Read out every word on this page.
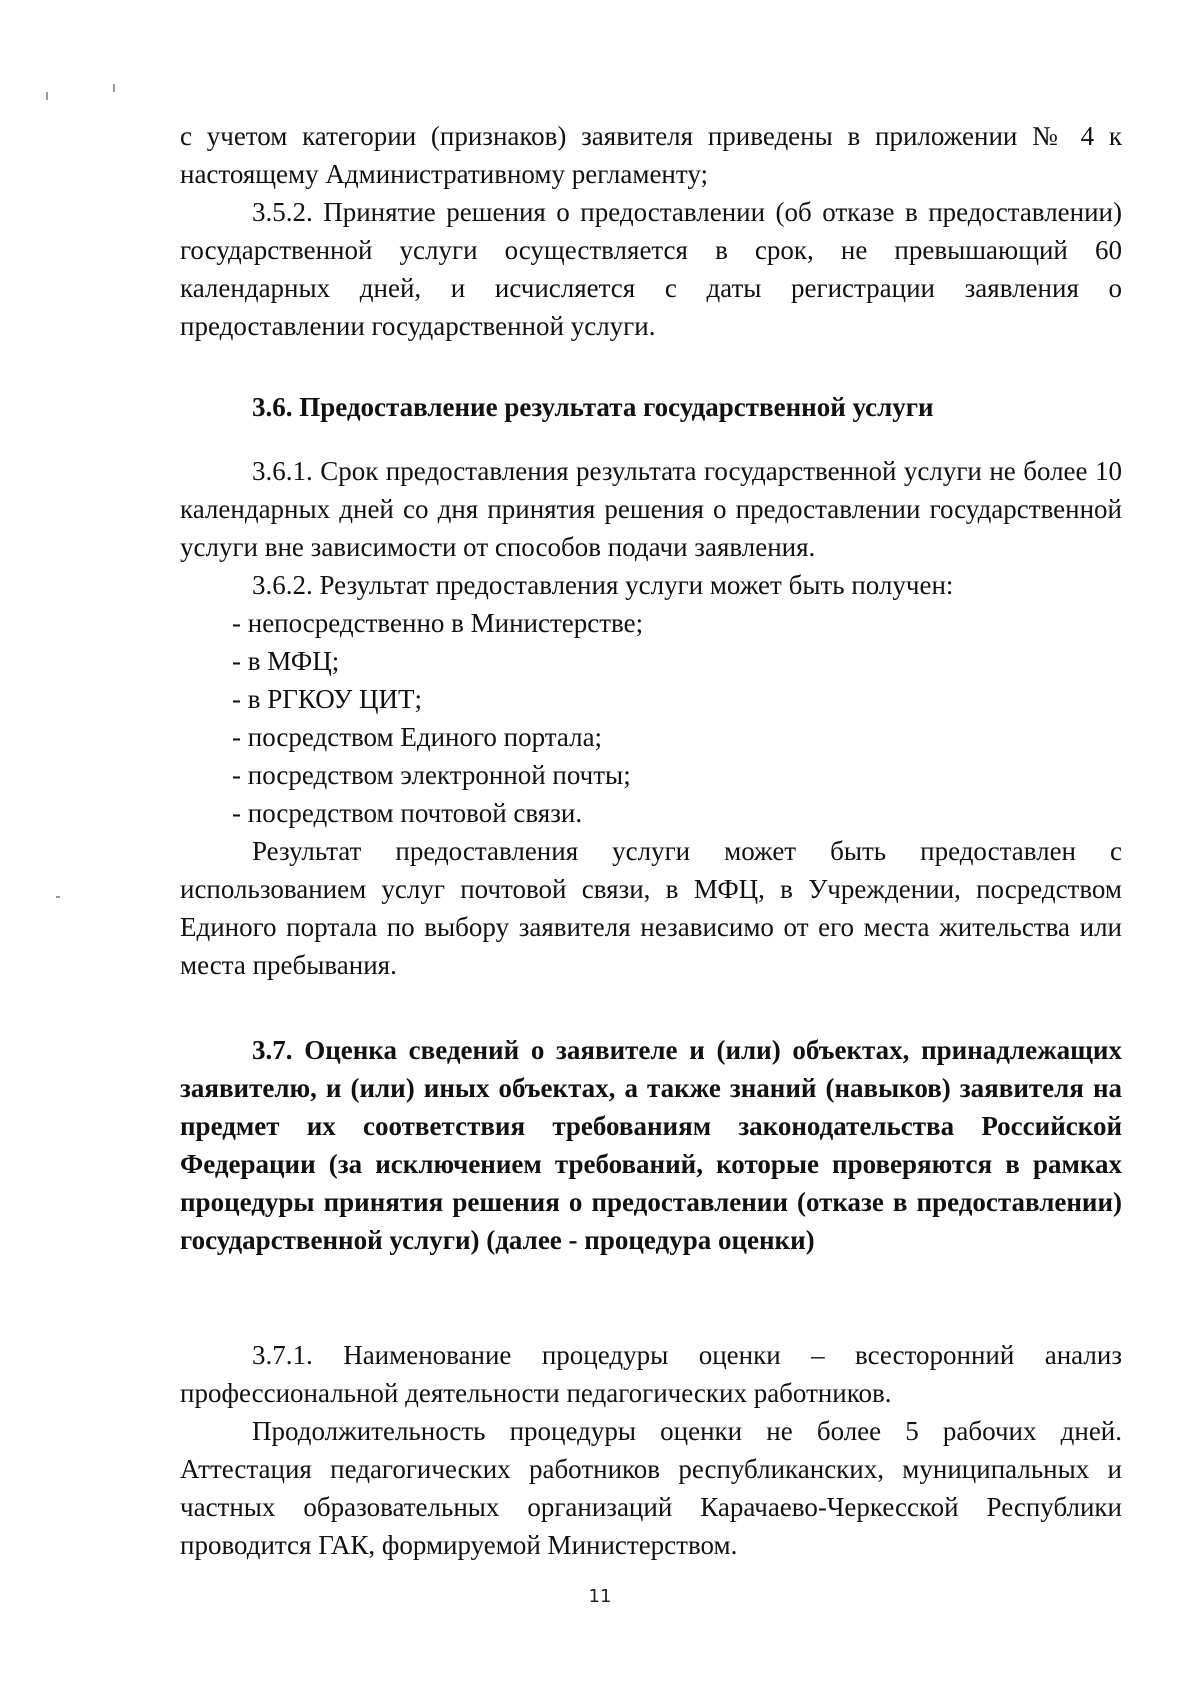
с учетом категории (признаков) заявителя приведены в приложении № 4 к настоящему Административному регламенту;

3.5.2. Принятие решения о предоставлении (об отказе в предоставлении) государственной услуги осуществляется в срок, не превышающий 60 календарных дней, и исчисляется с даты регистрации заявления о предоставлении государственной услуги.

3.6. Предоставление результата государственной услуги

3.6.1. Срок предоставления результата государственной услуги не более 10 календарных дней со дня принятия решения о предоставлении государственной услуги вне зависимости от способов подачи заявления.

3.6.2. Результат предоставления услуги может быть получен:

- непосредственно в Министерстве;
- в МФЦ;
- в РГКОУ ЦИТ;
- посредством Единого портала;
- посредством электронной почты;
- посредством почтовой связи.

Результат предоставления услуги может быть предоставлен с использованием услуг почтовой связи, в МФЦ, в Учреждении, посредством Единого портала по выбору заявителя независимо от его места жительства или места пребывания.

3.7. Оценка сведений о заявителе и (или) объектах, принадлежащих заявителю, и (или) иных объектах, а также знаний (навыков) заявителя на предмет их соответствия требованиям законодательства Российской Федерации (за исключением требований, которые проверяются в рамках процедуры принятия решения о предоставлении (отказе в предоставлении) государственной услуги) (далее - процедура оценки)

3.7.1. Наименование процедуры оценки – всесторонний анализ профессиональной деятельности педагогических работников.

Продолжительность процедуры оценки не более 5 рабочих дней. Аттестация педагогических работников республиканских, муниципальных и частных образовательных организаций Карачаево-Черкесской Республики проводится ГАК, формируемой Министерством.

11
